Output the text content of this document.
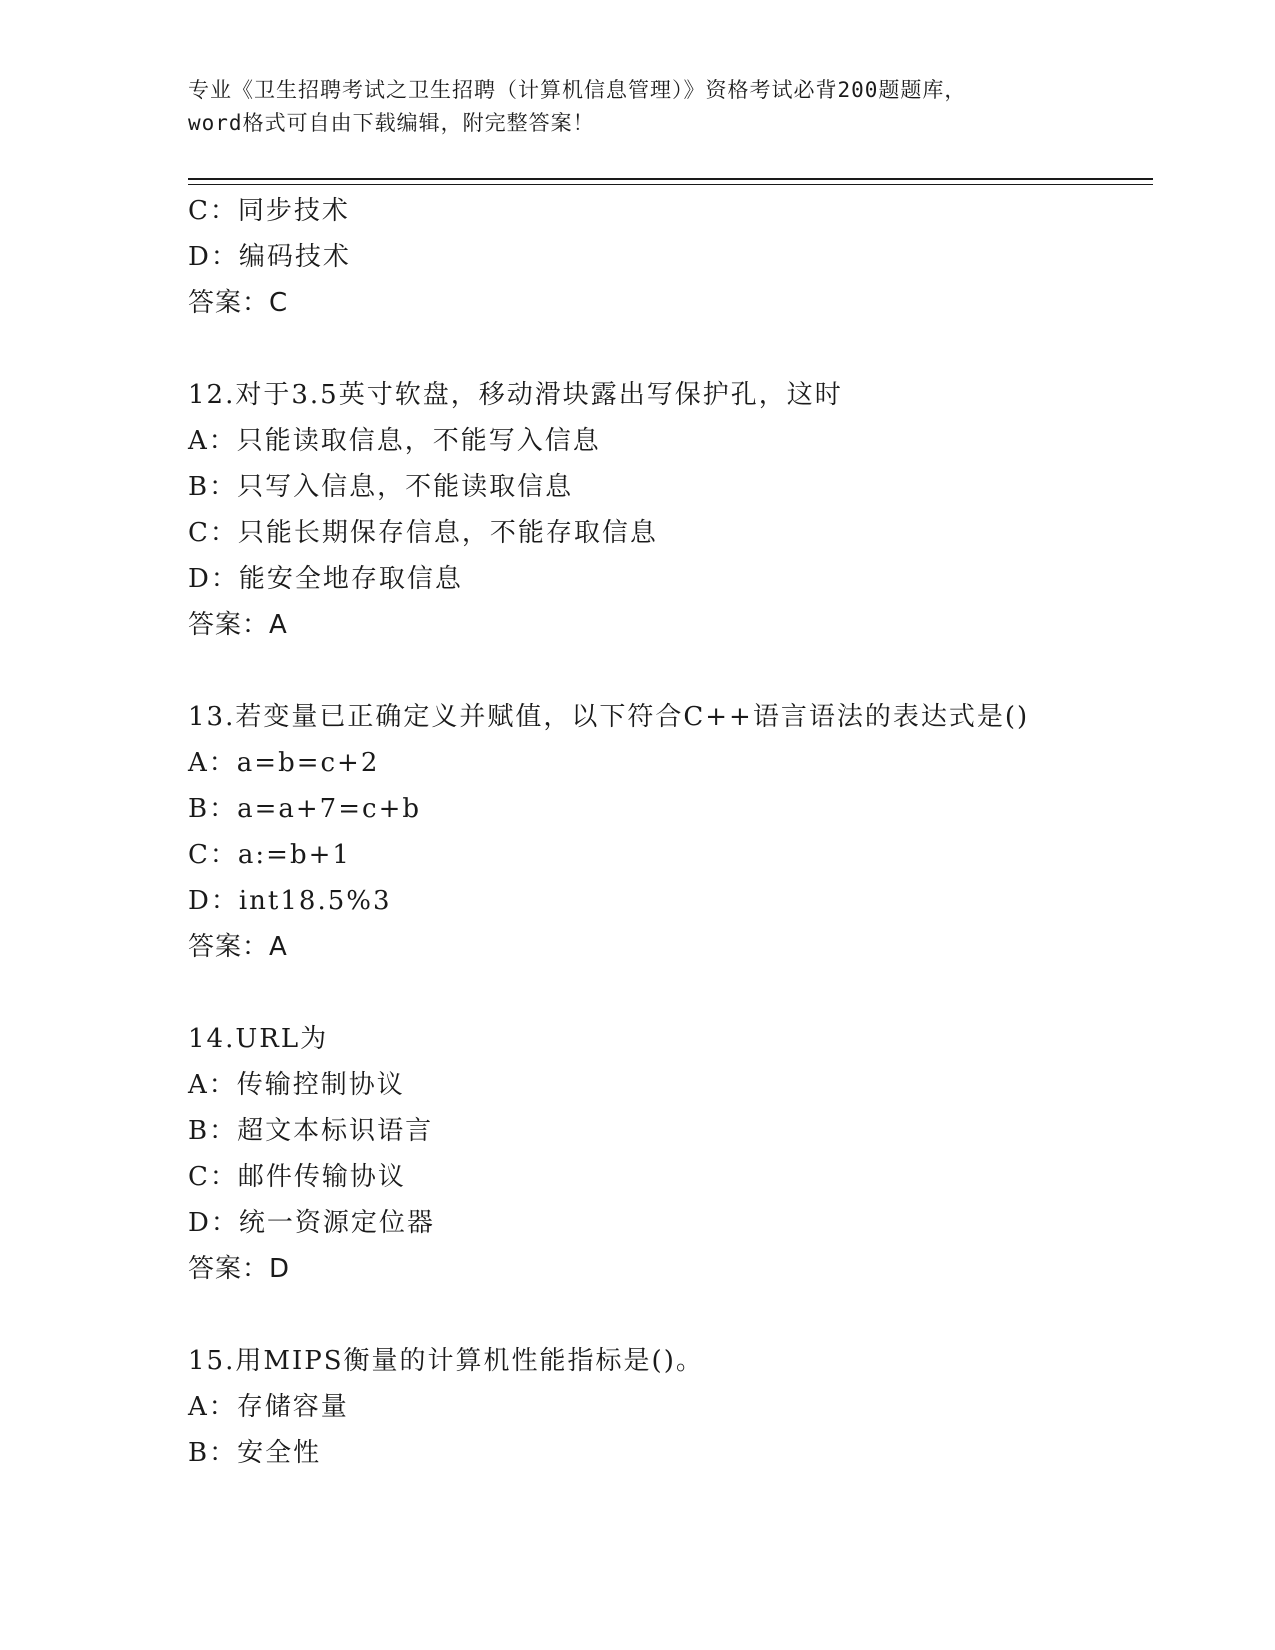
专业《卫生招聘考试之卫生招聘（计算机信息管理）》资格考试必背200题题库，
word格式可自由下载编辑，附完整答案！
C：同步技术
D：编码技术
答案：C
12.对于3.5英寸软盘，移动滑块露出写保护孔，这时
A：只能读取信息，不能写入信息
B：只写入信息，不能读取信息
C：只能长期保存信息，不能存取信息
D：能安全地存取信息
答案：A
13.若变量已正确定义并赋值，以下符合C++语言语法的表达式是()
A：a=b=c+2
B：a=a+7=c+b
C：a:=b+1
D：int18.5%3
答案：A
14.URL为
A：传输控制协议
B：超文本标识语言
C：邮件传输协议
D：统一资源定位器
答案：D
15.用MIPS衡量的计算机性能指标是()。
A：存储容量
B：安全性
